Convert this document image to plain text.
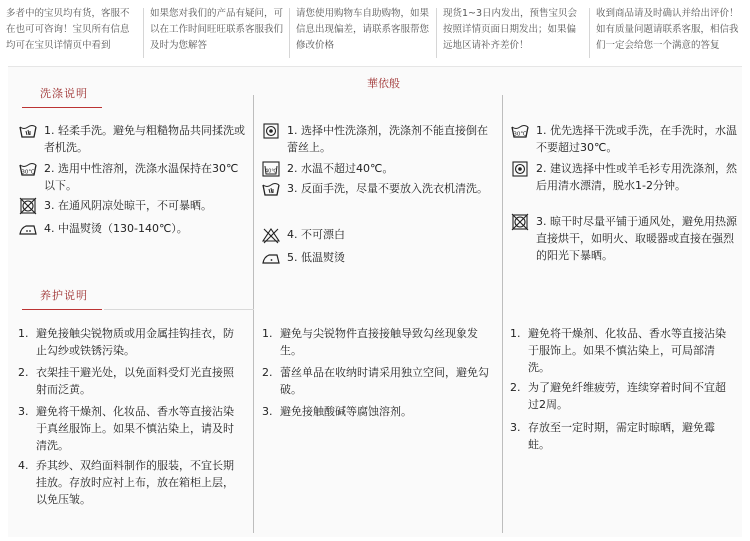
多者中的宝贝均有货，客服不在也可可咨询！宝贝所有信息均可在宝贝详情页中看到
如果您对我们的产品有疑问，可以在工作时间旺旺联系客服我们及时为您解答
请您使用购物车自助购物，如果信息出现偏差，请联系客服帮您修改价格
现货1~3日内发出，预售宝贝会按照详情页面日期发出；如果偏远地区请补齐差价！
收到商品请及时确认并给出评价！如有质量问题请联系客服，相信我们一定会给您一个满意的答复
華依般
洗涤说明
1. 轻柔手洗。避免与粗糙物品共同揉洗或者机洗。
30℃ 2. 选用中性溶剂，洗涤水温保持在30℃以下。
3. 在通风阴凉处晾干，不可暴晒。
4. 中温熨烫（130-140℃）。
1. 选择中性洗涤剂，洗涤剂不能直接倒在蕾丝上。
40℃ 2. 水温不超过40℃。
3. 反面手洗，尽量不要放入洗衣机清洗。
4. 不可漂白
5. 低温熨烫
30℃ 1. 优先选择干洗或手洗，在手洗时，水温不要超过30℃。
2. 建议选择中性或羊毛衫专用洗涤剂，然后用清水漂清，脱水1-2分钟。
3. 晾干时尽量平铺于通风处，避免用热源直接烘干，如明火、取暖器或直接在强烈的阳光下暴晒。
养护说明
1. 避免接触尖锐物质或用金属挂钩挂衣，防止勾纱或铁锈污染。
2. 衣架挂干避光处，以免面料受灯光直接照射而泛黄。
3. 避免将干燥剂、化妆品、香水等直接沾染于真丝服饰上。如果不慎沾染上，请及时清洗。
4. 乔其纱、双绉面料制作的服装，不宜长期挂放。存放时应衬上布，放在箱柜上层，以免压皱。
1. 避免与尖锐物件直接接触导致勾丝现象发生。
2. 蕾丝单品在收纳时请采用独立空间，避免勾破。
3. 避免接触酸碱等腐蚀溶剂。
1. 避免将干燥剂、化妆品、香水等直接沾染于服饰上。如果不慎沾染上，可局部清洗。
2. 为了避免纤维疲劳，连续穿着时间不宜超过2周。
3. 存放至一定时期，需定时晾晒，避免霉蛀。
